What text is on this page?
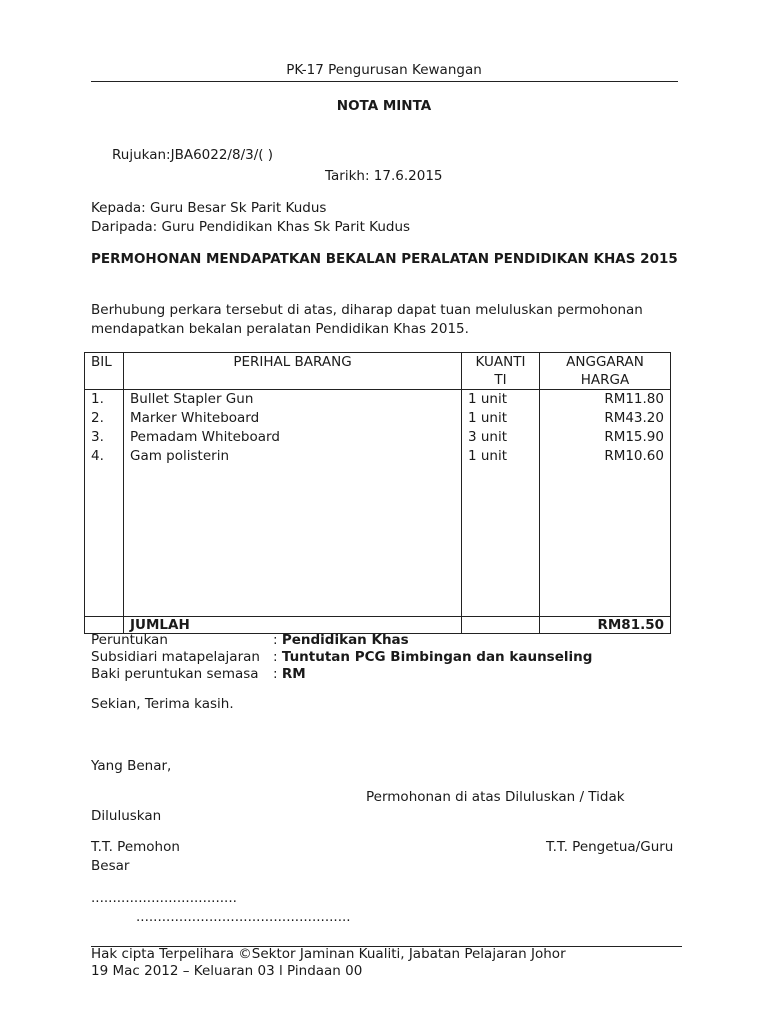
PK-17 Pengurusan Kewangan
NOTA MINTA
Rujukan:JBA6022/8/3/( )
Tarikh: 17.6.2015
Kepada: Guru Besar Sk Parit Kudus
Daripada: Guru Pendidikan Khas Sk Parit Kudus
PERMOHONAN MENDAPATKAN BEKALAN PERALATAN PENDIDIKAN KHAS 2015
Berhubung perkara tersebut di atas, diharap dapat tuan meluluskan permohonan mendapatkan bekalan peralatan Pendidikan Khas 2015.
BIL	PERIHAL BARANG	KUANTI TI	ANGGARAN HARGA
1.	Bullet Stapler Gun	1 unit	RM11.80
2.	Marker Whiteboard	1 unit	RM43.20
3.	Pemadam Whiteboard	3 unit	RM15.90
4.	Gam polisterin	1 unit	RM10.60

	JUMLAH		RM81.50
Peruntukan	: Pendidikan Khas
Subsidiari matapelajaran : Tuntutan PCG Bimbingan dan kaunseling
Baki peruntukan semasa : RM
Sekian, Terima kasih.
Yang Benar,
Permohonan di atas Diluluskan / Tidak
Diluluskan
T.T. Pemohon	T.T. Pengetua/Guru
Besar
..................................
..................................................
Hak cipta Terpelihara ©Sektor Jaminan Kualiti, Jabatan Pelajaran Johor
19 Mac 2012 – Keluaran 03 l Pindaan 00
